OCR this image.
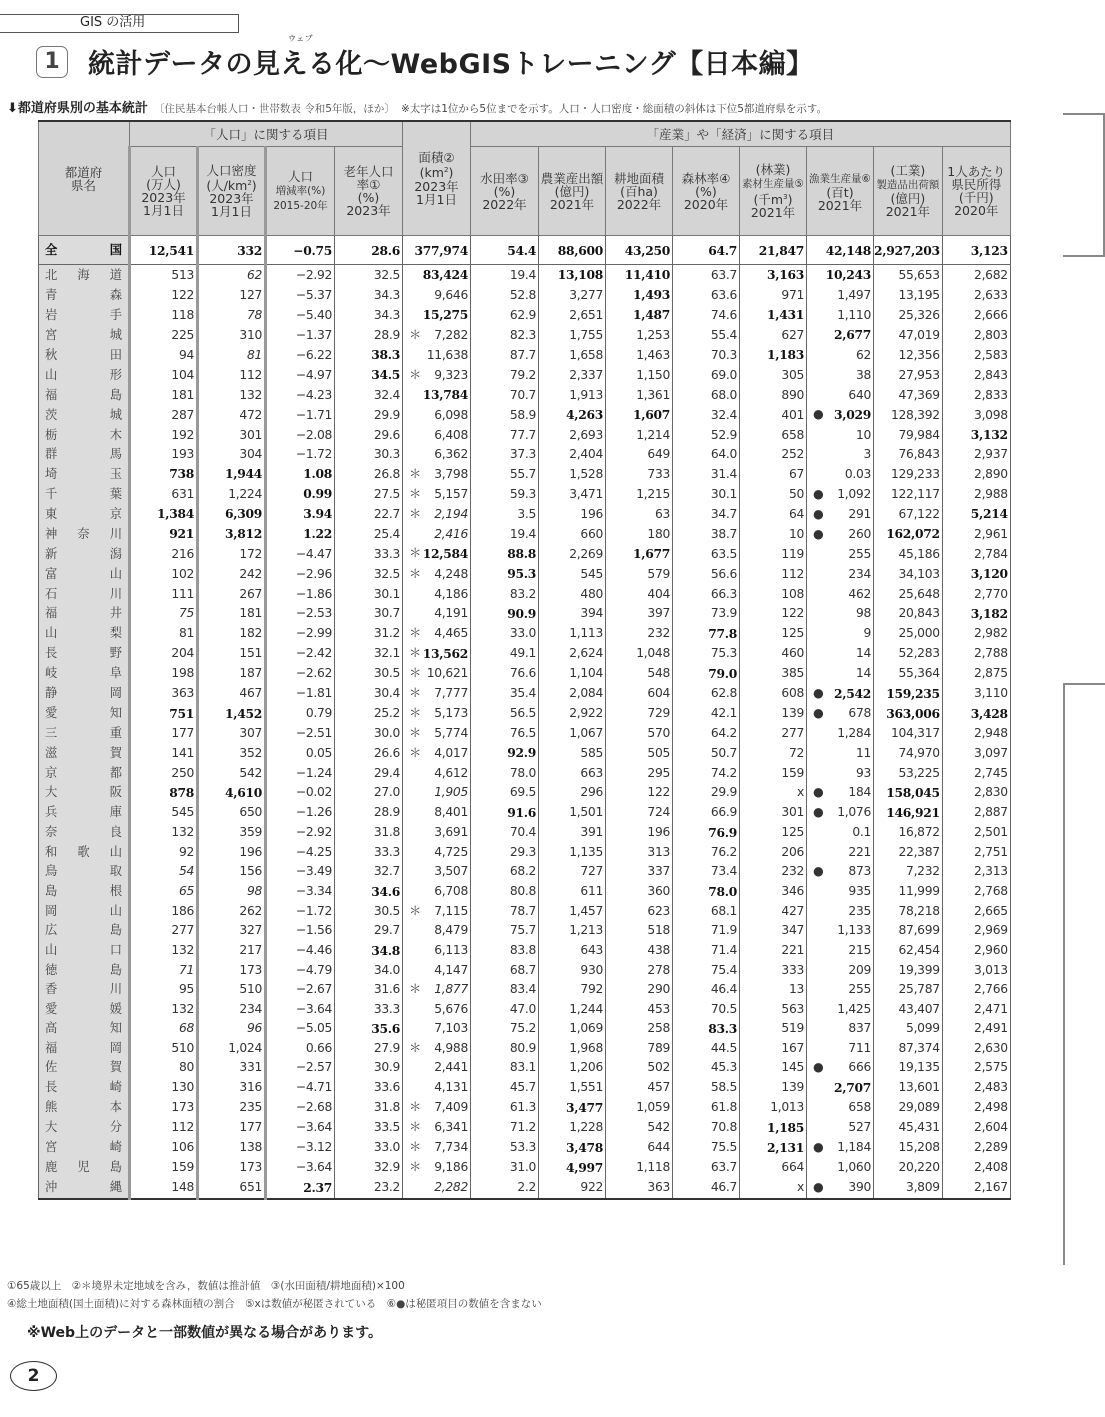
GIS の活用
1
ウェブ
統計データの見える化〜WebGISトレーニング【日本編】
⬇都道府県別の基本統計 〔住民基本台帳人口・世帯数表 令和5年版，ほか〕 ※太字は1位から5位までを示す。人口・人口密度・総面積の斜体は下位5都道府県を示す。
都道府
県名	「人口」に関する項目				面積②
$(km^2)$
2023年
1月1日	「産業」や「経済」に関する項目							
	人口
(万人)
2023年
1月1日	人口密度
(人$/km^2$)
2023年
1月1日	人口
増減率(%)
2015-20年	老年人口
率①
(%)
2023年		水田率③
(%)
2022年	農業産出額
(億円)
2021年	耕地面積
(百ha)
2022年	森林率④
(%)
2020年	(林業)
素材生産量⑤
(千$m^3$)
2021年	漁業生産量⑥
(百t)
2021年	(工業)
製造品出荷額
(億円)
2021年	1人あたり
県民所得
(千円)
2020年
全国	12,541	332	−0.75	28.6	377,974	54.4	88,600	43,250	64.7	21,847	42,148	2,927,203	3,123
北海道	513	62	−2.92	32.5	83,424	19.4	13,108	11,410	63.7	3,163	10,243	55,653	2,682
青森	122	127	−5.37	34.3	9,646	52.8	3,277	1,493	63.6	971	1,497	13,195	2,633
岩手	118	78	−5.40	34.3	15,275	62.9	2,651	1,487	74.6	1,431	1,110	25,326	2,666
宮城	225	310	−1.37	28.9	＊ 7,282	82.3	1,755	1,253	55.4	627	2,677	47,019	2,803
秋田	94	81	−6.22	38.3	11,638	87.7	1,658	1,463	70.3	1,183	62	12,356	2,583
山形	104	112	−4.97	34.5	＊ 9,323	79.2	2,337	1,150	69.0	305	38	27,953	2,843
福島	181	132	−4.23	32.4	13,784	70.7	1,913	1,361	68.0	890	640	47,369	2,833
茨城	287	472	−1.71	29.9	6,098	58.9	4,263	1,607	32.4	401	● 3,029	128,392	3,098
栃木	192	301	−2.08	29.6	6,408	77.7	2,693	1,214	52.9	658	10	79,984	3,132
群馬	193	304	−1.72	30.3	6,362	37.3	2,404	649	64.0	252	3	76,843	2,937
埼玉	738	1,944	1.08	26.8	＊ 3,798	55.7	1,528	733	31.4	67	0.03	129,233	2,890
千葉	631	1,224	0.99	27.5	＊ 5,157	59.3	3,471	1,215	30.1	50	● 1,092	122,117	2,988
東京	1,384	6,309	3.94	22.7	＊ 2,194	3.5	196	63	34.7	64	● 291	67,122	5,214
神奈川	921	3,812	1.22	25.4	2,416	19.4	660	180	38.7	10	● 260	162,072	2,961
新潟	216	172	−4.47	33.3	＊ 12,584	88.8	2,269	1,677	63.5	119	255	45,186	2,784
富山	102	242	−2.96	32.5	＊ 4,248	95.3	545	579	56.6	112	234	34,103	3,120
石川	111	267	−1.86	30.1	4,186	83.2	480	404	66.3	108	462	25,648	2,770
福井	75	181	−2.53	30.7	4,191	90.9	394	397	73.9	122	98	20,843	3,182
山梨	81	182	−2.99	31.2	＊ 4,465	33.0	1,113	232	77.8	125	9	25,000	2,982
長野	204	151	−2.42	32.1	＊ 13,562	49.1	2,624	1,048	75.3	460	14	52,283	2,788
岐阜	198	187	−2.62	30.5	＊ 10,621	76.6	1,104	548	79.0	385	14	55,364	2,875
静岡	363	467	−1.81	30.4	＊ 7,777	35.4	2,084	604	62.8	608	● 2,542	159,235	3,110
愛知	751	1,452	0.79	25.2	＊ 5,173	56.5	2,922	729	42.1	139	● 678	363,006	3,428
三重	177	307	−2.51	30.0	＊ 5,774	76.5	1,067	570	64.2	277	1,284	104,317	2,948
滋賀	141	352	0.05	26.6	＊ 4,017	92.9	585	505	50.7	72	11	74,970	3,097
京都	250	542	−1.24	29.4	4,612	78.0	663	295	74.2	159	93	53,225	2,745
大阪	878	4,610	−0.02	27.0	1,905	69.5	296	122	29.9	x	● 184	158,045	2,830
兵庫	545	650	−1.26	28.9	8,401	91.6	1,501	724	66.9	301	● 1,076	146,921	2,887
奈良	132	359	−2.92	31.8	3,691	70.4	391	196	76.9	125	0.1	16,872	2,501
和歌山	92	196	−4.25	33.3	4,725	29.3	1,135	313	76.2	206	221	22,387	2,751
鳥取	54	156	−3.49	32.7	3,507	68.2	727	337	73.4	232	● 873	7,232	2,313
島根	65	98	−3.34	34.6	6,708	80.8	611	360	78.0	346	935	11,999	2,768
岡山	186	262	−1.72	30.5	＊ 7,115	78.7	1,457	623	68.1	427	235	78,218	2,665
広島	277	327	−1.56	29.7	8,479	75.7	1,213	518	71.9	347	1,133	87,699	2,969
山口	132	217	−4.46	34.8	6,113	83.8	643	438	71.4	221	215	62,454	2,960
徳島	71	173	−4.79	34.0	4,147	68.7	930	278	75.4	333	209	19,399	3,013
香川	95	510	−2.67	31.6	＊ 1,877	83.4	792	290	46.4	13	255	25,787	2,766
愛媛	132	234	−3.64	33.3	5,676	47.0	1,244	453	70.5	563	1,425	43,407	2,471
高知	68	96	−5.05	35.6	7,103	75.2	1,069	258	83.3	519	837	5,099	2,491
福岡	510	1,024	0.66	27.9	＊ 4,988	80.9	1,968	789	44.5	167	711	87,374	2,630
佐賀	80	331	−2.57	30.9	2,441	83.1	1,206	502	45.3	145	● 666	19,135	2,575
長崎	130	316	−4.71	33.6	4,131	45.7	1,551	457	58.5	139	2,707	13,601	2,483
熊本	173	235	−2.68	31.8	＊ 7,409	61.3	3,477	1,059	61.8	1,013	658	29,089	2,498
大分	112	177	−3.64	33.5	＊ 6,341	71.2	1,228	542	70.8	1,185	527	45,431	2,604
宮崎	106	138	−3.12	33.0	＊ 7,734	53.3	3,478	644	75.5	2,131	● 1,184	15,208	2,289
鹿児島	159	173	−3.64	32.9	＊ 9,186	31.0	4,997	1,118	63.7	664	1,060	20,220	2,408
沖縄	148	651	2.37	23.2	2,282	2.2	922	363	46.7	x	● 390	3,809	2,167
①65歳以上　②＊境界未定地域を含み，数値は推計値　③(水田面積/耕地面積)×100
④総土地面積(国土面積)に対する森林面積の割合　⑤xは数値が秘匿されている　⑥●は秘匿項目の数値を含まない
※Web上のデータと一部数値が異なる場合があります。
2
